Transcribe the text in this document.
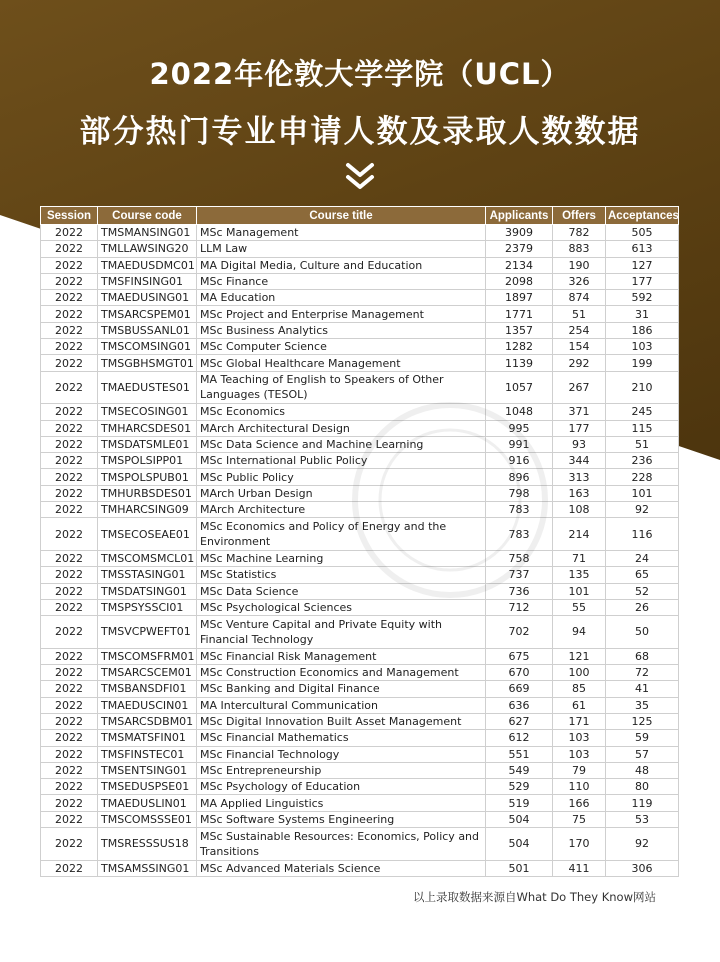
2022年伦敦大学学院（UCL）
部分热门专业申请人数及录取人数数据
Session	Course code	Course title	Applicants	Offers	Acceptances
2022	TMSMANSING01	MSc Management	3909	782	505
2022	TMLLAWSING20	LLM Law	2379	883	613
2022	TMAEDUSDMC01	MA Digital Media, Culture and Education	2134	190	127
2022	TMSFINSING01	MSc Finance	2098	326	177
2022	TMAEDUSING01	MA Education	1897	874	592
2022	TMSARCSPEM01	MSc Project and Enterprise Management	1771	51	31
2022	TMSBUSSANL01	MSc Business Analytics	1357	254	186
2022	TMSCOMSING01	MSc Computer Science	1282	154	103
2022	TMSGBHSMGT01	MSc Global Healthcare Management	1139	292	199
2022	TMAEDUSTES01	MA Teaching of English to Speakers of Other Languages (TESOL)	1057	267	210
2022	TMSECOSING01	MSc Economics	1048	371	245
2022	TMHARCSDES01	MArch Architectural Design	995	177	115
2022	TMSDATSMLE01	MSc Data Science and Machine Learning	991	93	51
2022	TMSPOLSIPP01	MSc International Public Policy	916	344	236
2022	TMSPOLSPUB01	MSc Public Policy	896	313	228
2022	TMHURBSDES01	MArch Urban Design	798	163	101
2022	TMHARCSING09	MArch Architecture	783	108	92
2022	TMSECOSEAE01	MSc Economics and Policy of Energy and the Environment	783	214	116
2022	TMSCOMSMCL01	MSc Machine Learning	758	71	24
2022	TMSSTASING01	MSc Statistics	737	135	65
2022	TMSDATSING01	MSc Data Science	736	101	52
2022	TMSPSYSSCI01	MSc Psychological Sciences	712	55	26
2022	TMSVCPWEFT01	MSc Venture Capital and Private Equity with Financial Technology	702	94	50
2022	TMSCOMSFRM01	MSc Financial Risk Management	675	121	68
2022	TMSARCSCEM01	MSc Construction Economics and Management	670	100	72
2022	TMSBANSDFI01	MSc Banking and Digital Finance	669	85	41
2022	TMAEDUSCIN01	MA Intercultural Communication	636	61	35
2022	TMSARCSDBM01	MSc Digital Innovation Built Asset Management	627	171	125
2022	TMSMATSFIN01	MSc Financial Mathematics	612	103	59
2022	TMSFINSTEC01	MSc Financial Technology	551	103	57
2022	TMSENTSING01	MSc Entrepreneurship	549	79	48
2022	TMSEDUSPSE01	MSc Psychology of Education	529	110	80
2022	TMAEDUSLIN01	MA Applied Linguistics	519	166	119
2022	TMSCOMSSSE01	MSc Software Systems Engineering	504	75	53
2022	TMSRESSSUS18	MSc Sustainable Resources: Economics, Policy and Transitions	504	170	92
2022	TMSAMSSING01	MSc Advanced Materials Science	501	411	306
以上录取数据来源自What Do They Know网站
